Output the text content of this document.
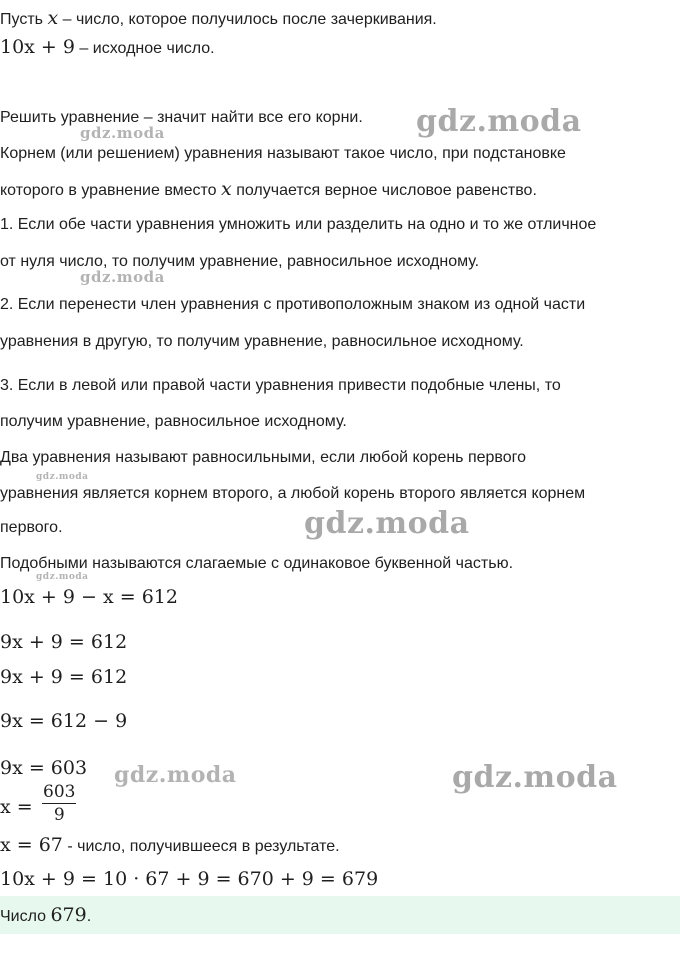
gdz.moda
gdz.moda
gdz.moda
gdz.moda
gdz.moda
gdz.moda
gdz.moda	gdz.moda
Пусть x – число, которое получилось после зачеркивания.
10x + 9 – исходное число.
Решить уравнение – значит найти все его корни.
Корнем (или решением) уравнения называют такое число, при подстановке
которого в уравнение вместо x получается верное числовое равенство.
1. Если обе части уравнения умножить или разделить на одно и то же отличное
от нуля число, то получим уравнение, равносильное исходному.
2. Если перенести член уравнения с противоположным знаком из одной части
уравнения в другую, то получим уравнение, равносильное исходному.
3. Если в левой или правой части уравнения привести подобные члены, то
получим уравнение, равносильное исходному.
Два уравнения называют равносильными, если любой корень первого
уравнения является корнем второго, а любой корень второго является корнем
первого.
Подобными называются слагаемые с одинаковое буквенной частью.
10x + 9 − x = 612
9x + 9 = 612
9x + 9 = 612
9x = 612 − 9
9x = 603
$x = \frac{603}{9}$
x = 67 - число, получившееся в результате.
10x + 9 = 10 · 67 + 9 = 670 + 9 = 679
Число 679.
